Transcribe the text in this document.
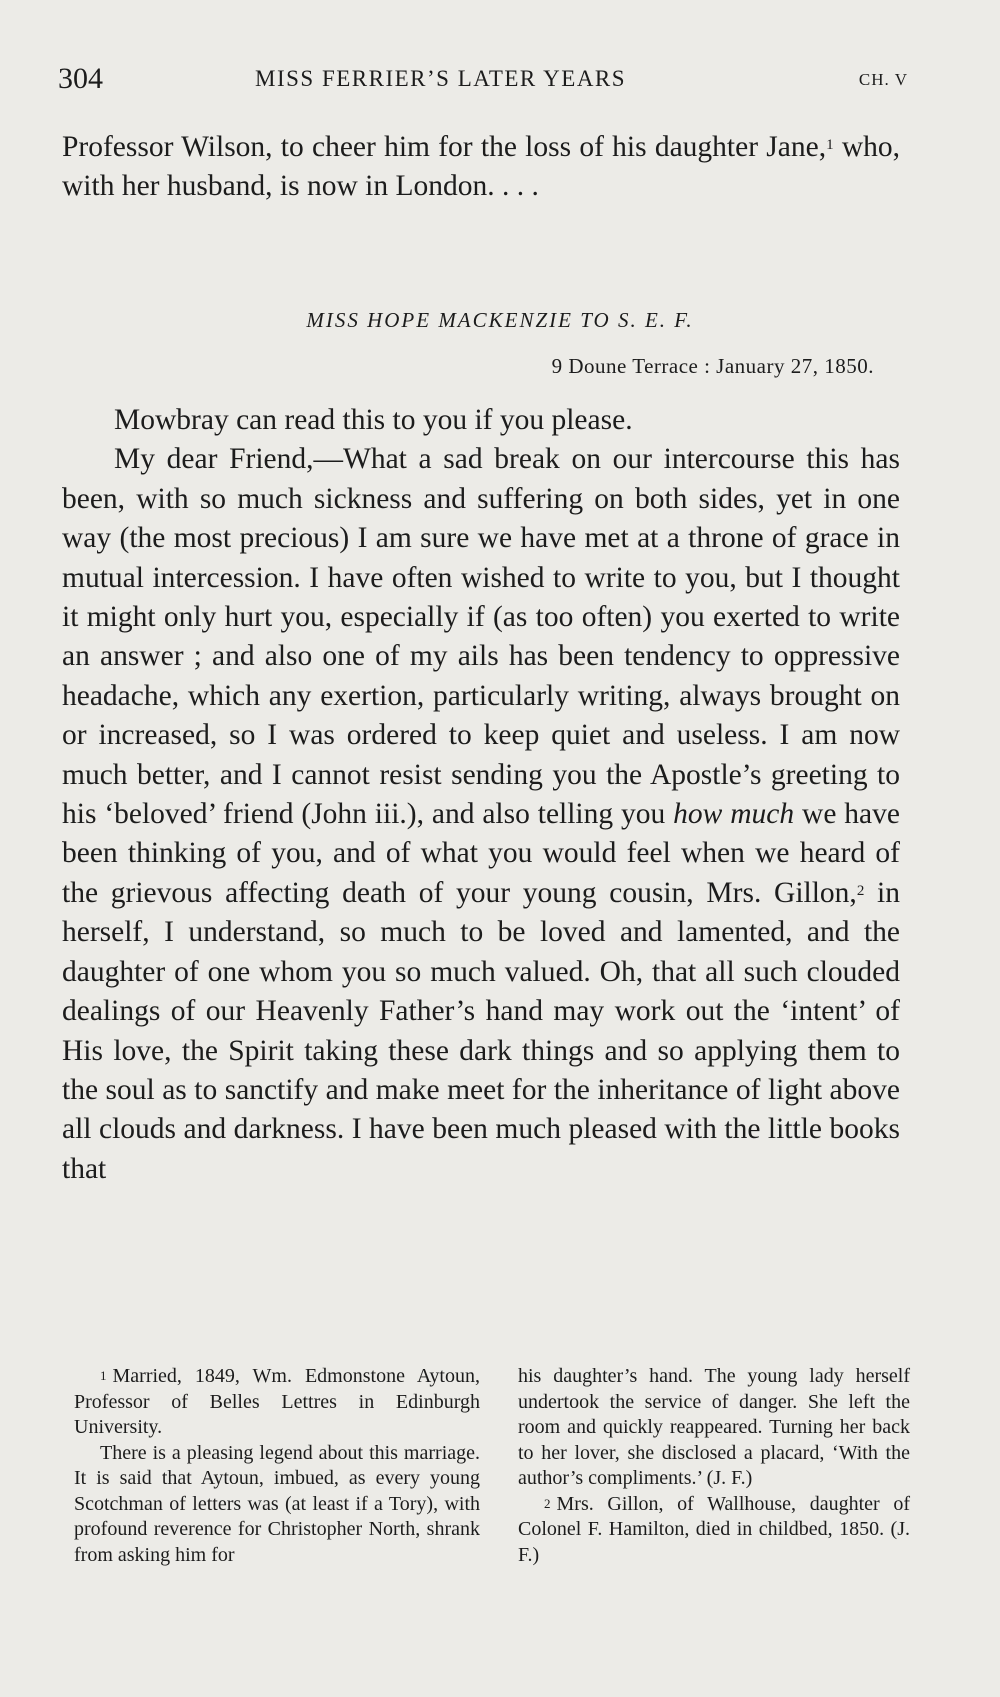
304	MISS FERRIER’S LATER YEARS	CH. V

Professor Wilson, to cheer him for the loss of his daughter Jane,$^1$ who, with her husband, is now in London. . . .

MISS HOPE MACKENZIE TO S. E. F.
9 Doune Terrace : January 27, 1850.

Mowbray can read this to you if you please.

My dear Friend,—What a sad break on our intercourse this has been, with so much sickness and suffering on both sides, yet in one way (the most precious) I am sure we have met at a throne of grace in mutual intercession. I have often wished to write to you, but I thought it might only hurt you, especially if (as too often) you exerted to write an answer ; and also one of my ails has been tendency to oppressive headache, which any exertion, particularly writing, always brought on or increased, so I was ordered to keep quiet and useless. I am now much better, and I cannot resist sending you the Apostle’s greeting to his ‘beloved’ friend (John iii.), and also telling you how much we have been thinking of you, and of what you would feel when we heard of the grievous affecting death of your young cousin, Mrs. Gillon,$^2$ in herself, I understand, so much to be loved and lamented, and the daughter of one whom you so much valued. Oh, that all such clouded dealings of our Heavenly Father’s hand may work out the ‘intent’ of His love, the Spirit taking these dark things and so applying them to the soul as to sanctify and make meet for the inheritance of light above all clouds and darkness. I have been much pleased with the little books that

$^1$ Married, 1849, Wm. Edmonstone Aytoun, Professor of Belles Lettres in Edinburgh University.

There is a pleasing legend about this marriage. It is said that Aytoun, imbued, as every young Scotchman of letters was (at least if a Tory), with profound reverence for Christopher North, shrank from asking him for

his daughter’s hand. The young lady herself undertook the service of danger. She left the room and quickly reappeared. Turning her back to her lover, she disclosed a placard, ‘With the author’s compliments.’ (J. F.)

$^2$ Mrs. Gillon, of Wallhouse, daughter of Colonel F. Hamilton, died in childbed, 1850. (J. F.)
